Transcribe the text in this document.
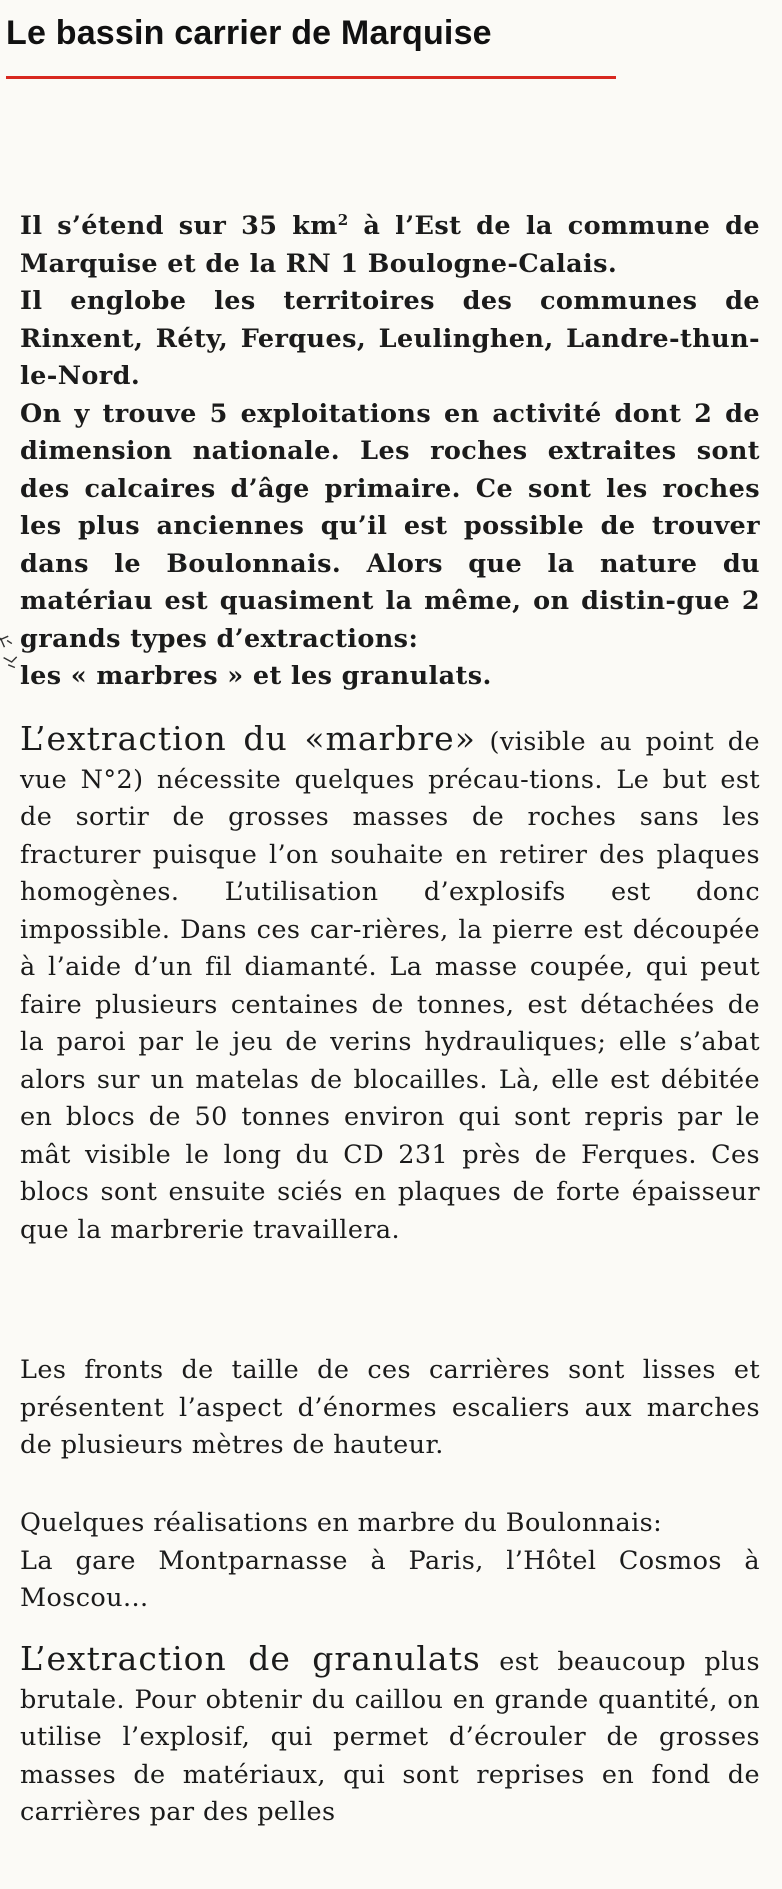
Le bassin carrier de Marquise

Il s’étend sur 35 $km^2$ à l’Est de la commune de Marquise et de la RN 1 Boulogne-Calais.

Il englobe les territoires des communes de Rinxent, Réty, Ferques, Leulinghen, Landre-thun-le-Nord.

On y trouve 5 exploitations en activité dont 2 de dimension nationale. Les roches extraites sont des calcaires d’âge primaire. Ce sont les roches les plus anciennes qu’il est possible de trouver dans le Boulonnais. Alors que la nature du matériau est quasiment la même, on distin-gue 2 grands types d’extractions:

les « marbres » et les granulats.

L’extraction du «marbre» (visible au point de vue N°2) nécessite quelques précau-tions. Le but est de sortir de grosses masses de roches sans les fracturer puisque l’on souhaite en retirer des plaques homogènes. L’utilisation d’explosifs est donc impossible. Dans ces car-rières, la pierre est découpée à l’aide d’un fil diamanté. La masse coupée, qui peut faire plusieurs centaines de tonnes, est détachées de la paroi par le jeu de verins hydrauliques; elle s’abat alors sur un matelas de blocailles. Là, elle est débitée en blocs de 50 tonnes environ qui sont repris par le mât visible le long du CD 231 près de Ferques. Ces blocs sont ensuite sciés en plaques de forte épaisseur que la marbrerie travaillera.

Les fronts de taille de ces carrières sont lisses et présentent l’aspect d’énormes escaliers aux marches de plusieurs mètres de hauteur.

Quelques réalisations en marbre du Boulonnais:

La gare Montparnasse à Paris, l’Hôtel Cosmos à Moscou...

L’extraction de granulats est beaucoup plus brutale. Pour obtenir du caillou en grande quantité, on utilise l’explosif, qui permet d’écrouler de grosses masses de matériaux, qui sont reprises en fond de carrières par des pelles
